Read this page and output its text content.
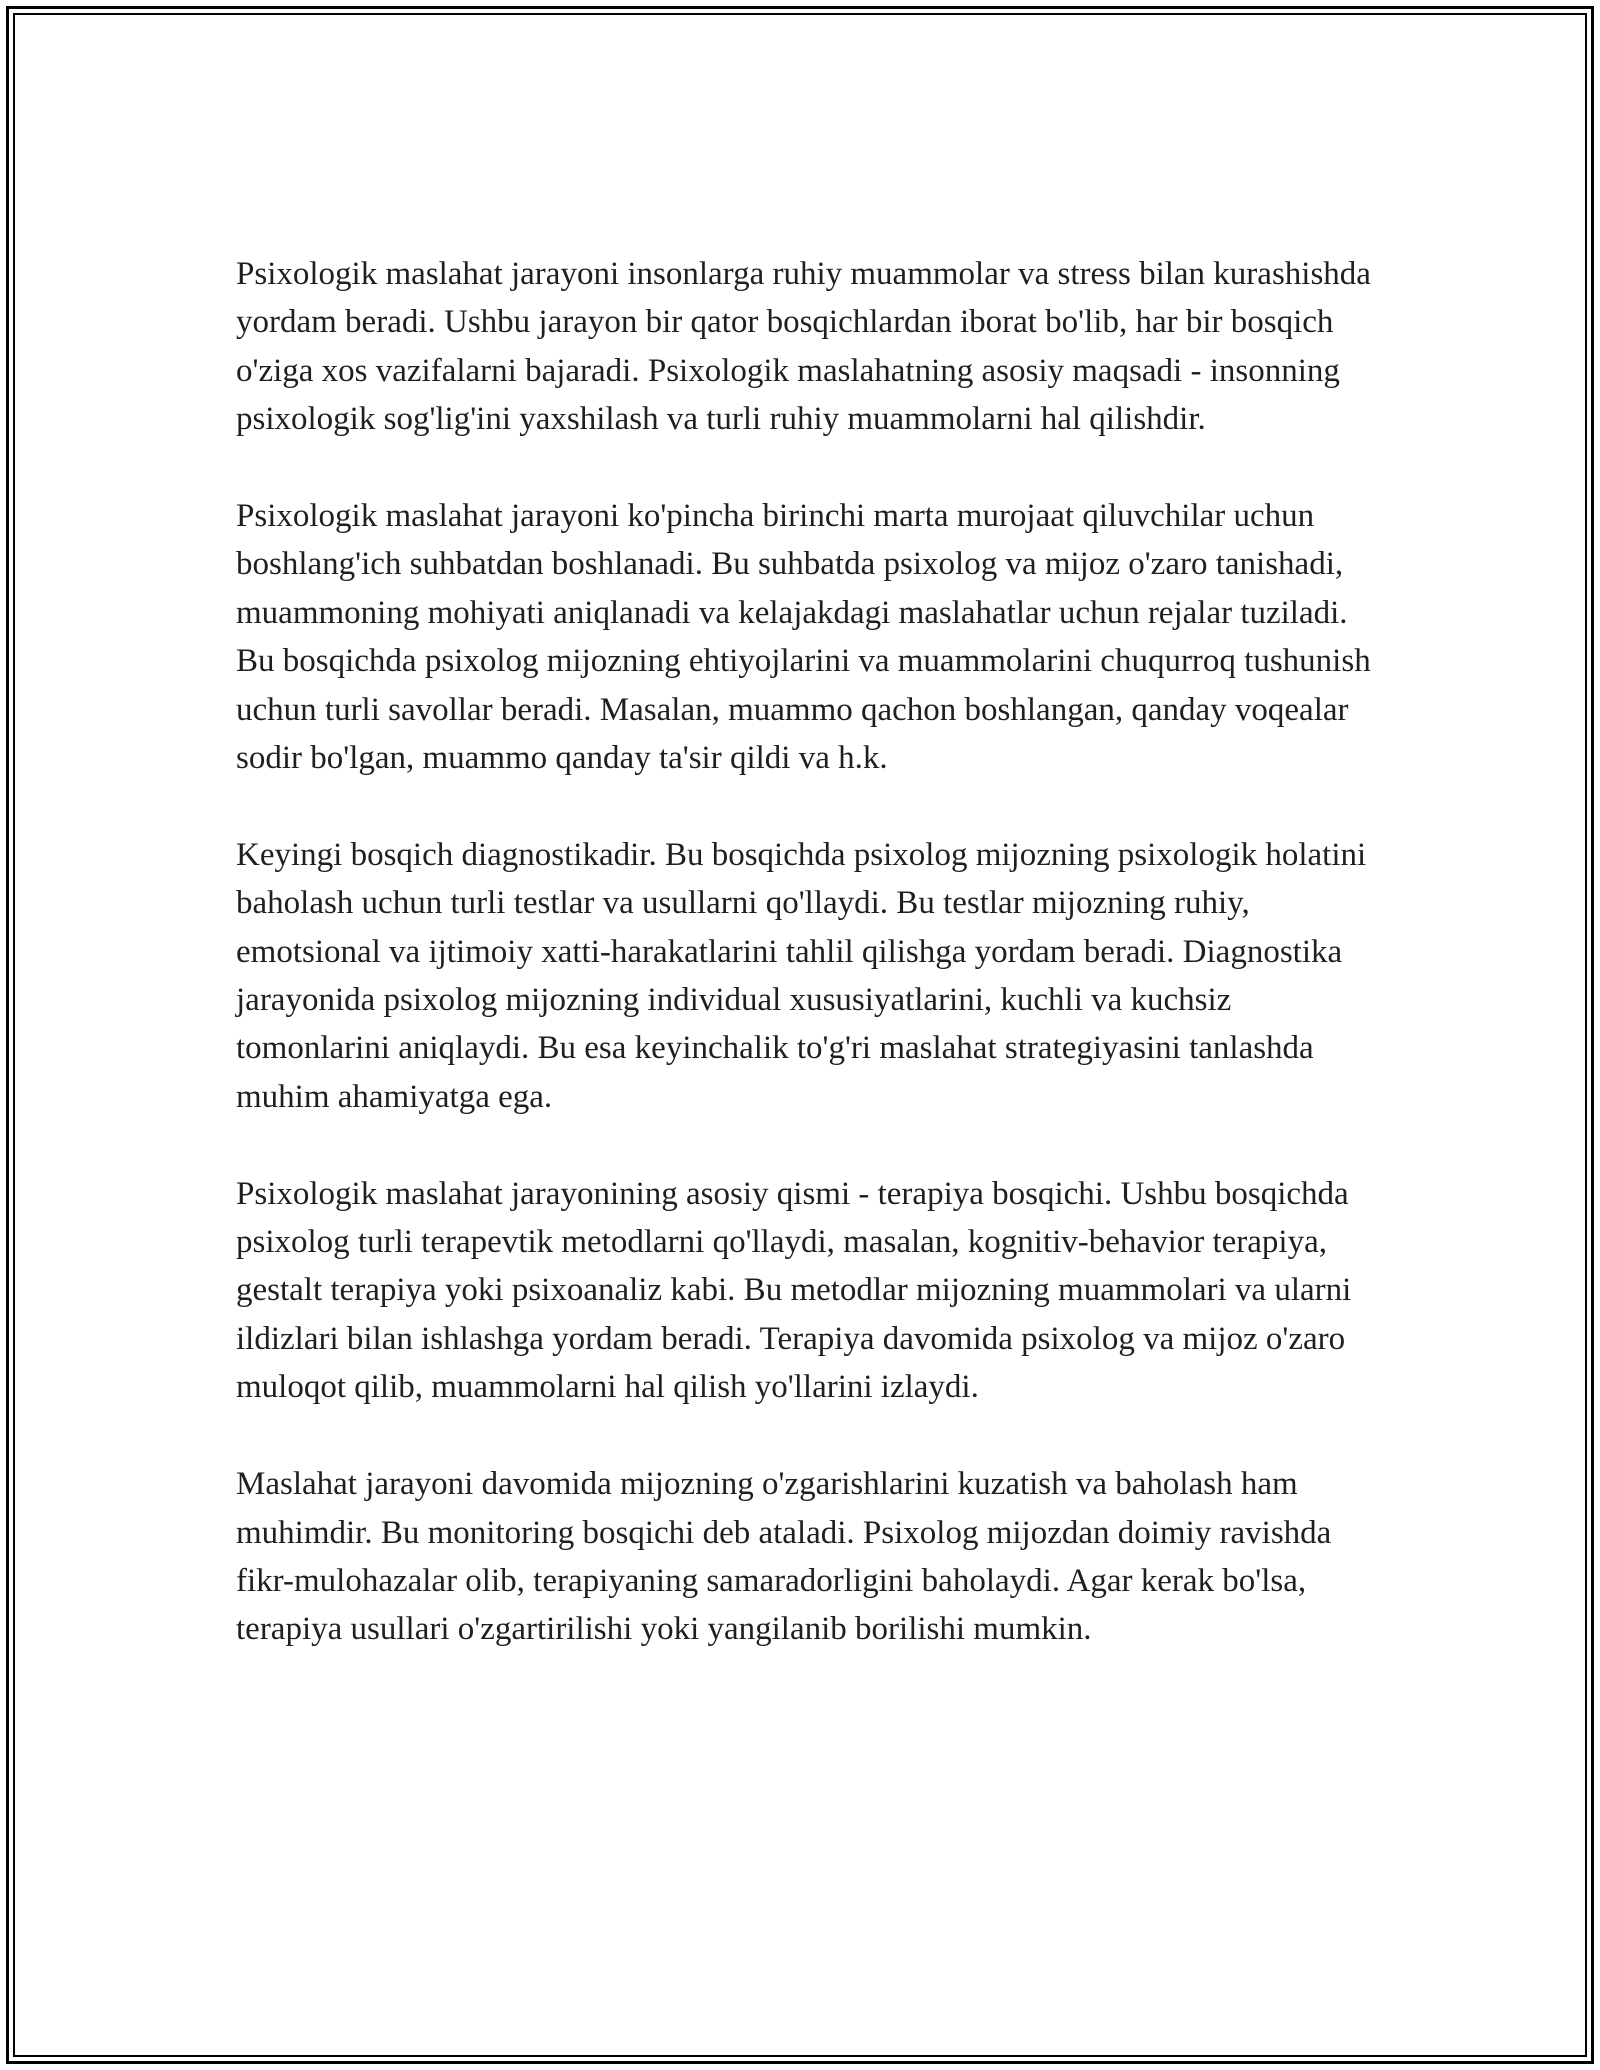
Psixologik maslahat jarayoni insonlarga ruhiy muammolar va stress bilan kurashishda yordam beradi. Ushbu jarayon bir qator bosqichlardan iborat bo'lib, har bir bosqich o'ziga xos vazifalarni bajaradi. Psixologik maslahatning asosiy maqsadi - insonning psixologik sog'lig'ini yaxshilash va turli ruhiy muammolarni hal qilishdir.

Psixologik maslahat jarayoni ko'pincha birinchi marta murojaat qiluvchilar uchun boshlang'ich suhbatdan boshlanadi. Bu suhbatda psixolog va mijoz o'zaro tanishadi, muammoning mohiyati aniqlanadi va kelajakdagi maslahatlar uchun rejalar tuziladi. Bu bosqichda psixolog mijozning ehtiyojlarini va muammolarini chuqurroq tushunish uchun turli savollar beradi. Masalan, muammo qachon boshlangan, qanday voqealar sodir bo'lgan, muammo qanday ta'sir qildi va h.k.

Keyingi bosqich diagnostikadir. Bu bosqichda psixolog mijozning psixologik holatini baholash uchun turli testlar va usullarni qo'llaydi. Bu testlar mijozning ruhiy, emotsional va ijtimoiy xatti-harakatlarini tahlil qilishga yordam beradi. Diagnostika jarayonida psixolog mijozning individual xususiyatlarini, kuchli va kuchsiz tomonlarini aniqlaydi. Bu esa keyinchalik to'g'ri maslahat strategiyasini tanlashda muhim ahamiyatga ega.

Psixologik maslahat jarayonining asosiy qismi - terapiya bosqichi. Ushbu bosqichda psixolog turli terapevtik metodlarni qo'llaydi, masalan, kognitiv-behavior terapiya, gestalt terapiya yoki psixoanaliz kabi. Bu metodlar mijozning muammolari va ularni ildizlari bilan ishlashga yordam beradi. Terapiya davomida psixolog va mijoz o'zaro muloqot qilib, muammolarni hal qilish yo'llarini izlaydi.

Maslahat jarayoni davomida mijozning o'zgarishlarini kuzatish va baholash ham muhimdir. Bu monitoring bosqichi deb ataladi. Psixolog mijozdan doimiy ravishda fikr-mulohazalar olib, terapiyaning samaradorligini baholaydi. Agar kerak bo'lsa, terapiya usullari o'zgartirilishi yoki yangilanib borilishi mumkin.
